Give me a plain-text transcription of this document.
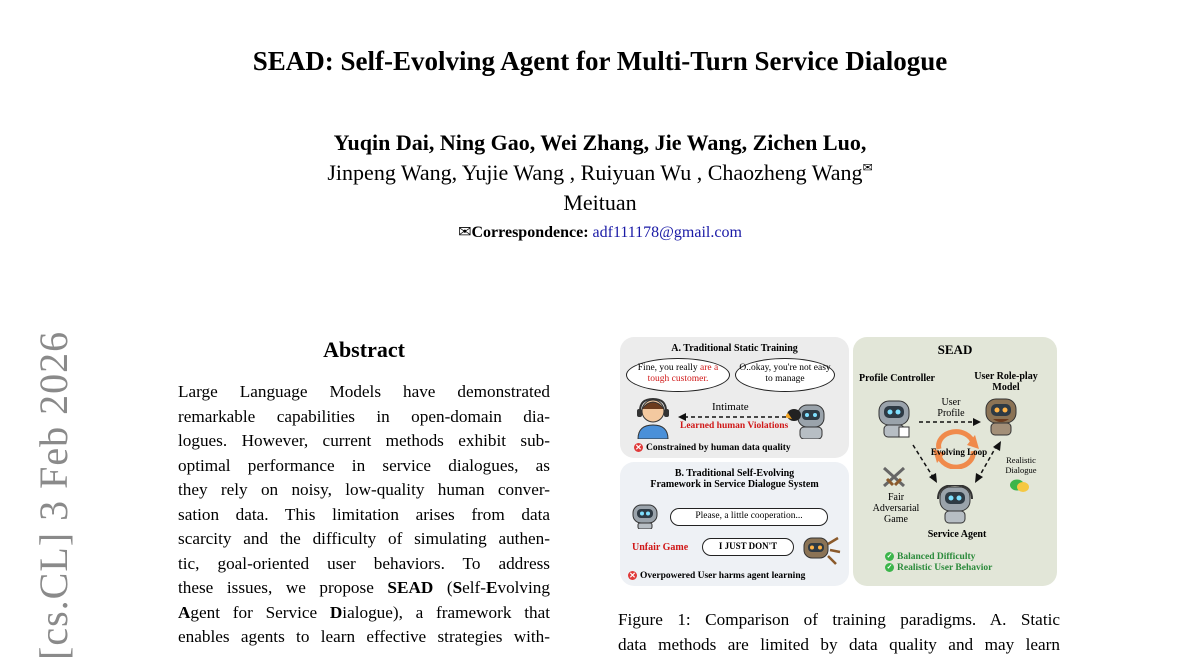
SEAD: Self-Evolving Agent for Multi-Turn Service Dialogue
Yuqin Dai, Ning Gao, Wei Zhang, Jie Wang, Zichen Luo,
Jinpeng Wang, Yujie Wang , Ruiyuan Wu , Chaozheng Wang✉
Meituan
✉Correspondence: adf111178@gmail.com
[cs.CL] 3 Feb 2026	Abstract
Large Language Models have demonstrated
remarkable capabilities in open-domain dia-
logues. However, current methods exhibit sub-
optimal performance in service dialogues, as
they rely on noisy, low-quality human conver-
sation data. This limitation arises from data
scarcity and the difficulty of simulating authen-
tic, goal-oriented user behaviors. To address
these issues, we propose SEAD (Self-Evolving
Agent for Service Dialogue), a framework that
enables agents to learn effective strategies with-
A. Traditional Static Training
Fine, you really are a tough customer.
O..okay, you're not easy to manage
Intimate
Learned human Violations
✕ Constrained by human data quality
B. Traditional Self-Evolving
Framework in Service Dialogue System
Please, a little cooperation...
Unfair Game	I JUST DON'T
✕ Overpowered User harms agent learning
SEAD
Profile Controller	User Role-play Model
User Profile
Evolving Loop
Realistic Dialogue
Fair Adversarial Game
Service Agent
✓ Balanced Difficulty
✓ Realistic User Behavior
Figure 1: Comparison of training paradigms. A. Static
data methods are limited by data quality and may learn
